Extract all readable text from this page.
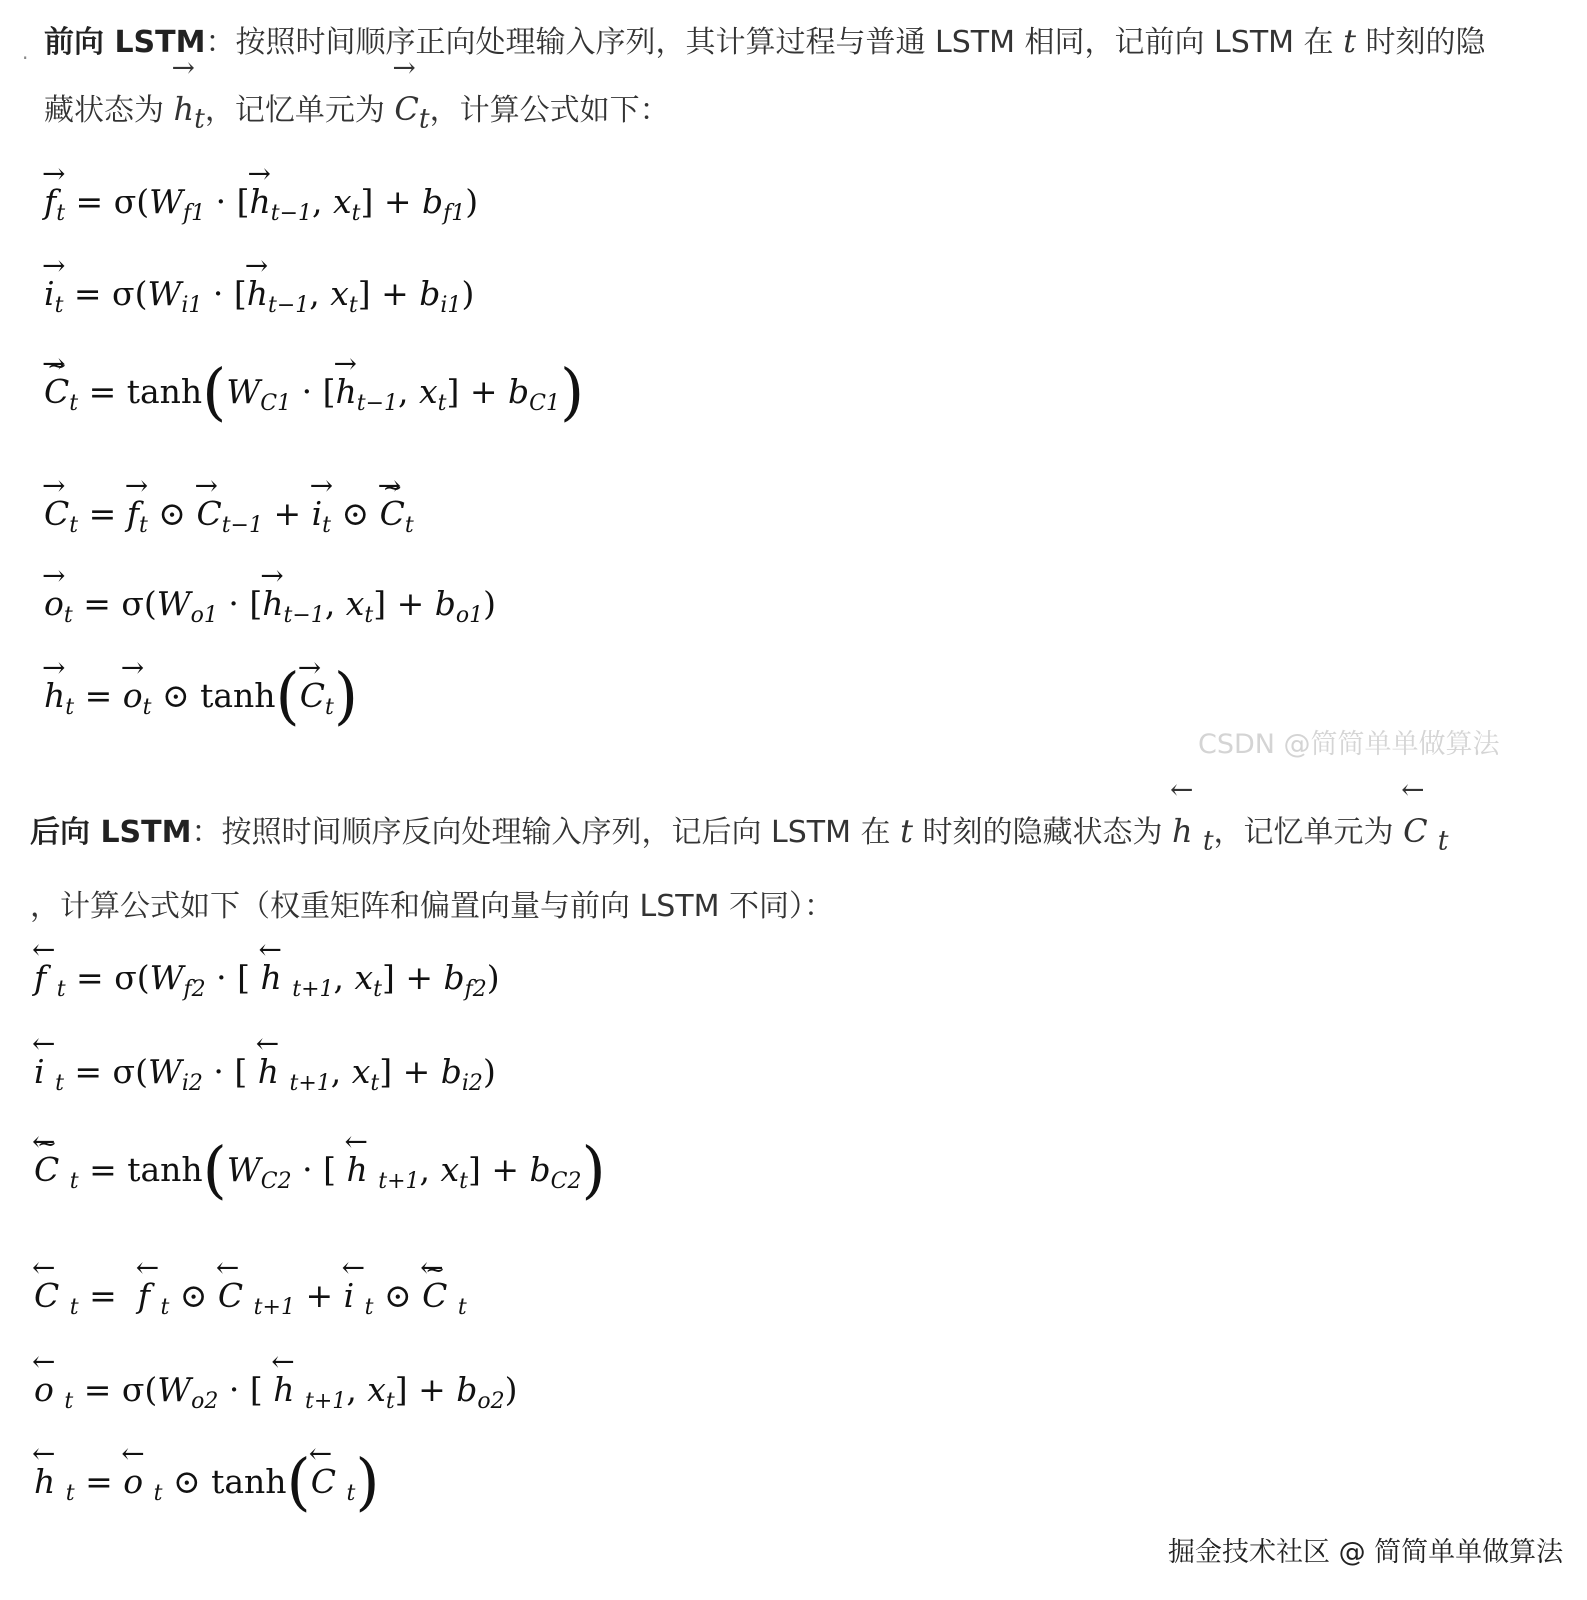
. 前向 LSTM：按照时间顺序正向处理输入序列，其计算过程与普通 LSTM 相同，记前向 LSTM 在 t 时刻的隐
藏状态为 → $h_t$，记忆单元为 → $C_t$，计算公式如下：
→ $f_t = \sigma(W_{f1}$ · [→ $h_{t-1}$, $x_t] + b_{f1}$)
→ $i_t = \sigma(W_{i1}$ · [→ $h_{t-1}$, $x_t] + b_{i1}$)
→ C $\sim_t = \tanh(W_{C1}$ · [→ $h_{t-1}$, $x_t] + b_{C1}$)
→ $C_t$ = → $f_t$ ⊙ → $C_{t-1}$ + → $i_t$ ⊙ → C $\sim_t$
→ $o_t = \sigma(W_{o1}$ · [→ $h_{t-1}$, $x_t] + b_{o1}$)
→ $h_t$ = → $o_t$ ⊙ $\tanh(\to C_t)$
CSDN @简简单单做算法
后向 LSTM：按照时间顺序反向处理输入序列，记后向 LSTM 在 t 时刻的隐藏状态为 ← h $_t$，记忆单元为 ← C $_t$
，计算公式如下（权重矩阵和偏置向量与前向 LSTM 不同）：
← f $_t = \sigma(W_{f2}$ · [ ← h $_{t+1}$, $x_t] + b_{f2}$)
← i $_t = \sigma(W_{i2}$ · [ ← h $_{t+1}$, $x_t] + b_{i2}$)
← C ~ $_t = \tanh(W_{C2}$ · [ ← h $_{t+1}$, $x_t] + b_{C2}$)
← C $_t$ =  ← f $_t$ ⊙ ← C $_{t+1}$ + ← i $_t$ ⊙ ← C ~ $_t$
← o $_t = \sigma(W_{o2}$ · [ ← h $_{t+1}$, $x_t] + b_{o2}$)
← h $_t$ = ← o $_t$ ⊙ tanh(← C $_t$)
掘金技术社区 @ 简简单单做算法
